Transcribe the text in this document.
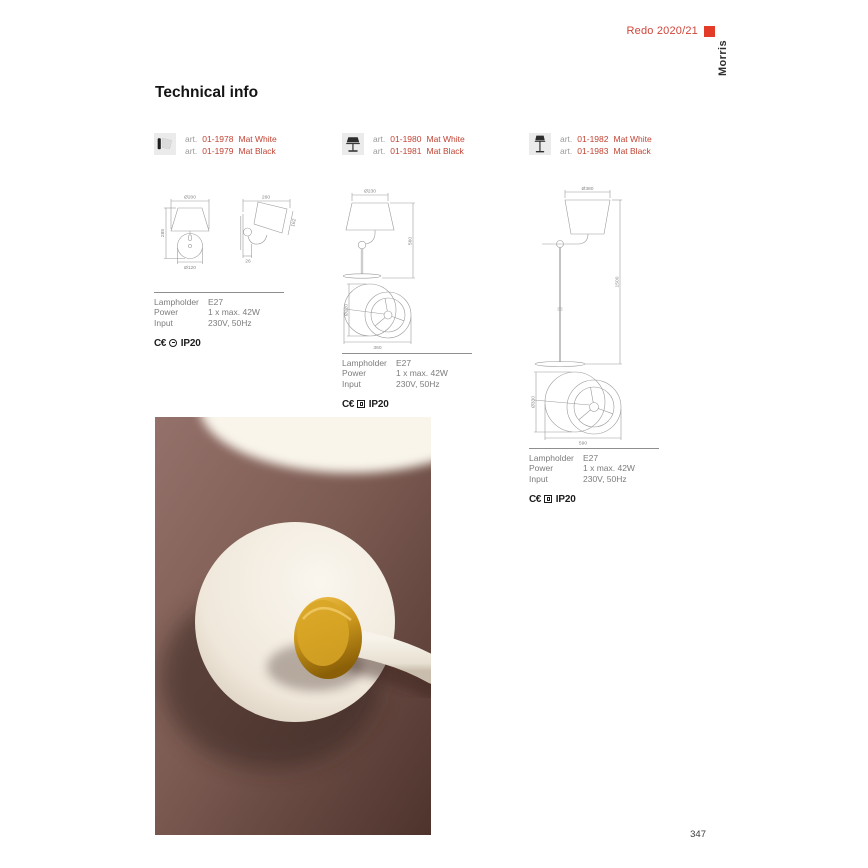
Redo 2020/21
Morris
Technical info
art. 01-1978 Mat White
art. 01-1979 Mat Black
Ø200
285
Ø120
260
162
26
Lampholder	E27
Power	1 x max. 42W
Input	230V, 50Hz
C€ IP20
art. 01-1980 Mat White
art. 01-1981 Mat Black
Ø230
560
Ø220
360
Lampholder	E27
Power	1 x max. 42W
Input	230V, 50Hz
C€ IP20
art. 01-1982 Mat White
art. 01-1983 Mat Black
Ø380
1500
Ø330
590
Lampholder	E27
Power	1 x max. 42W
Input	230V, 50Hz
C€ IP20
347
